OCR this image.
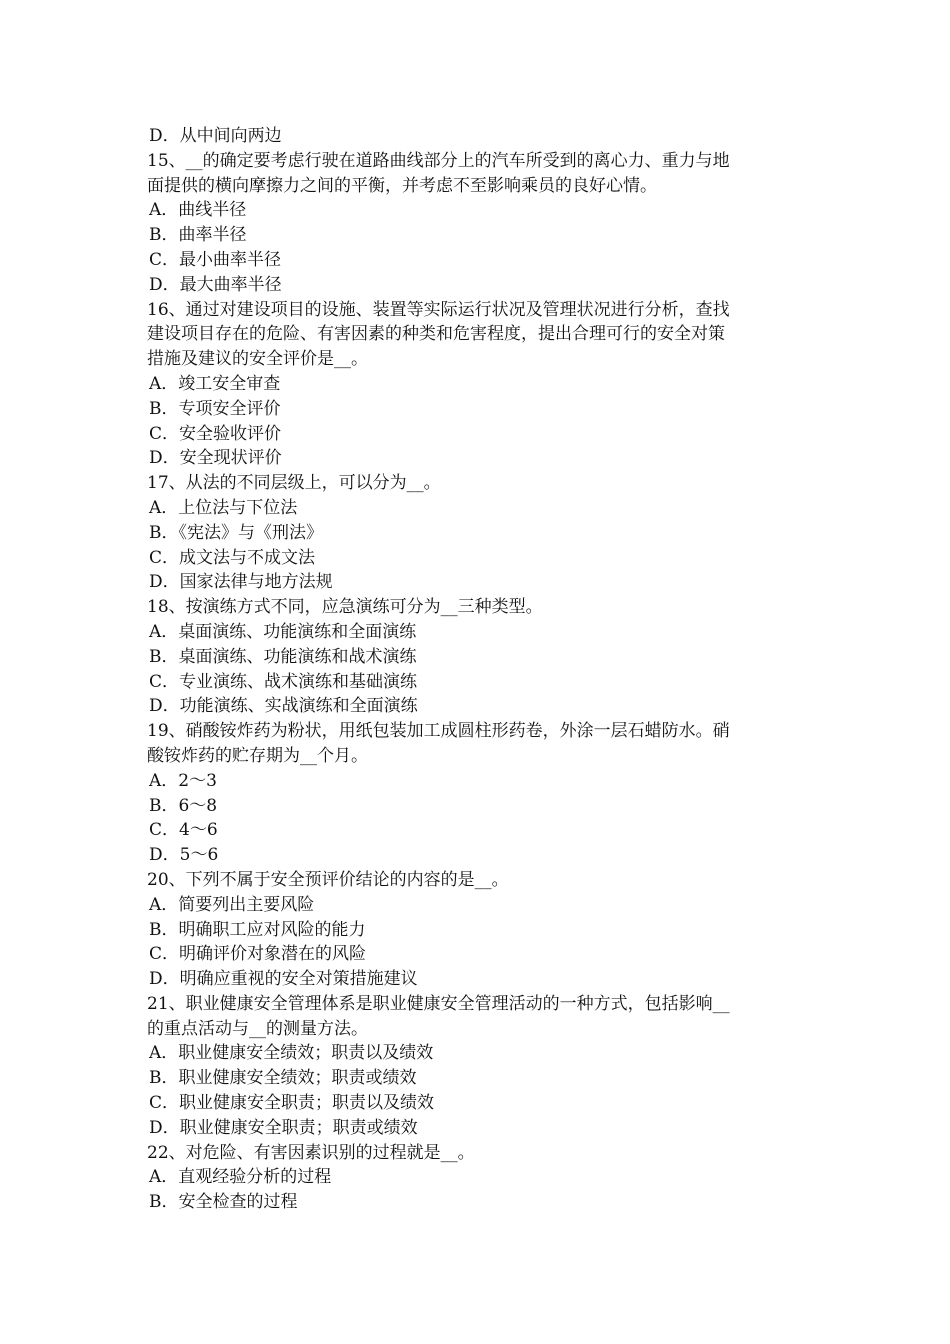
D．从中间向两边
15、__的确定要考虑行驶在道路曲线部分上的汽车所受到的离心力、重力与地
面提供的横向摩擦力之间的平衡，并考虑不至影响乘员的良好心情。
A．曲线半径
B．曲率半径
C．最小曲率半径
D．最大曲率半径
16、通过对建设项目的设施、装置等实际运行状况及管理状况进行分析，查找
建设项目存在的危险、有害因素的种类和危害程度，提出合理可行的安全对策
措施及建议的安全评价是__。
A．竣工安全审查
B．专项安全评价
C．安全验收评价
D．安全现状评价
17、从法的不同层级上，可以分为__。
A．上位法与下位法
B．《宪法》与《刑法》
C．成文法与不成文法
D．国家法律与地方法规
18、按演练方式不同，应急演练可分为__三种类型。
A．桌面演练、功能演练和全面演练
B．桌面演练、功能演练和战术演练
C．专业演练、战术演练和基础演练
D．功能演练、实战演练和全面演练
19、硝酸铵炸药为粉状，用纸包装加工成圆柱形药卷，外涂一层石蜡防水。硝
酸铵炸药的贮存期为__个月。
A．2～3
B．6～8
C．4～6
D．5～6
20、下列不属于安全预评价结论的内容的是__。
A．简要列出主要风险
B．明确职工应对风险的能力
C．明确评价对象潜在的风险
D．明确应重视的安全对策措施建议
21、职业健康安全管理体系是职业健康安全管理活动的一种方式，包括影响__
的重点活动与__的测量方法。
A．职业健康安全绩效；职责以及绩效
B．职业健康安全绩效；职责或绩效
C．职业健康安全职责；职责以及绩效
D．职业健康安全职责；职责或绩效
22、对危险、有害因素识别的过程就是__。
A．直观经验分析的过程
B．安全检查的过程
